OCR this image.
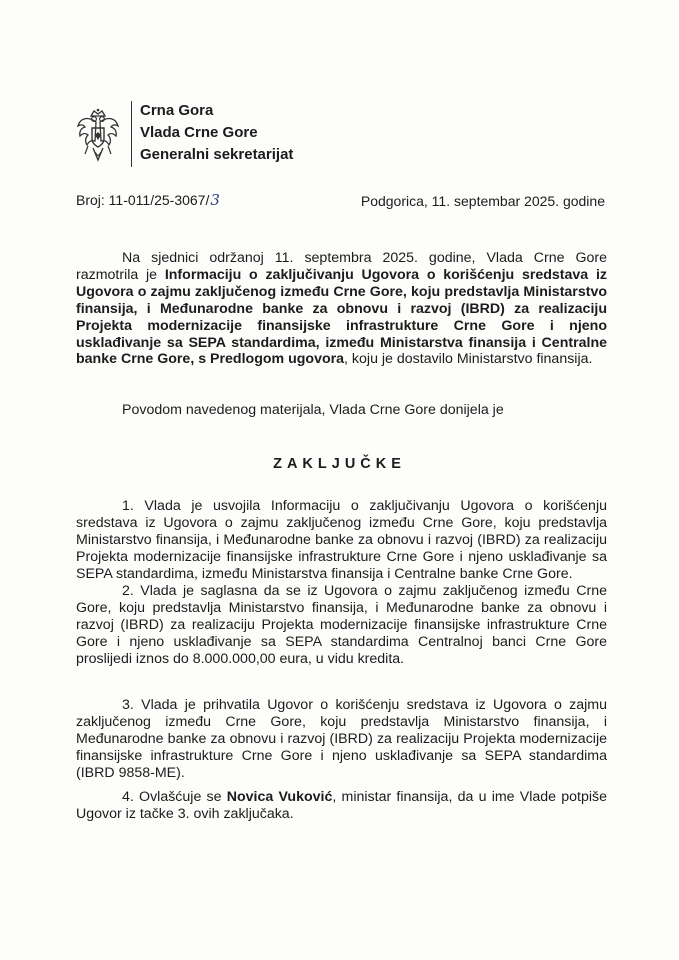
Crna Gora
Vlada Crne Gore
Generalni sekretarijat
Broj: 11-011/25-3067/3	Podgorica, 11. septembar 2025. godine
Na sjednici održanoj 11. septembra 2025. godine, Vlada Crne Gore razmotrila je Informaciju o zaključivanju Ugovora o korišćenju sredstava iz Ugovora o zajmu zaključenog između Crne Gore, koju predstavlja Ministarstvo finansija, i Međunarodne banke za obnovu i razvoj (IBRD) za realizaciju Projekta modernizacije finansijske infrastrukture Crne Gore i njeno usklađivanje sa SEPA standardima, između Ministarstva finansija i Centralne banke Crne Gore, s Predlogom ugovora, koju je dostavilo Ministarstvo finansija.
Povodom navedenog materijala, Vlada Crne Gore donijela je
ZAKLJUČKE
1. Vlada je usvojila Informaciju o zaključivanju Ugovora o korišćenju sredstava iz Ugovora o zajmu zaključenog između Crne Gore, koju predstavlja Ministarstvo finansija, i Međunarodne banke za obnovu i razvoj (IBRD) za realizaciju Projekta modernizacije finansijske infrastrukture Crne Gore i njeno usklađivanje sa SEPA standardima, između Ministarstva finansija i Centralne banke Crne Gore.
2. Vlada je saglasna da se iz Ugovora o zajmu zaključenog između Crne Gore, koju predstavlja Ministarstvo finansija, i Međunarodne banke za obnovu i razvoj (IBRD) za realizaciju Projekta modernizacije finansijske infrastrukture Crne Gore i njeno usklađivanje sa SEPA standardima Centralnoj banci Crne Gore proslijedi iznos do 8.000.000,00 eura, u vidu kredita.
3. Vlada je prihvatila Ugovor o korišćenju sredstava iz Ugovora o zajmu zaključenog između Crne Gore, koju predstavlja Ministarstvo finansija, i Međunarodne banke za obnovu i razvoj (IBRD) za realizaciju Projekta modernizacije finansijske infrastrukture Crne Gore i njeno usklađivanje sa SEPA standardima (IBRD 9858-ME).
4. Ovlašćuje se Novica Vuković, ministar finansija, da u ime Vlade potpiše Ugovor iz tačke 3. ovih zaključaka.
